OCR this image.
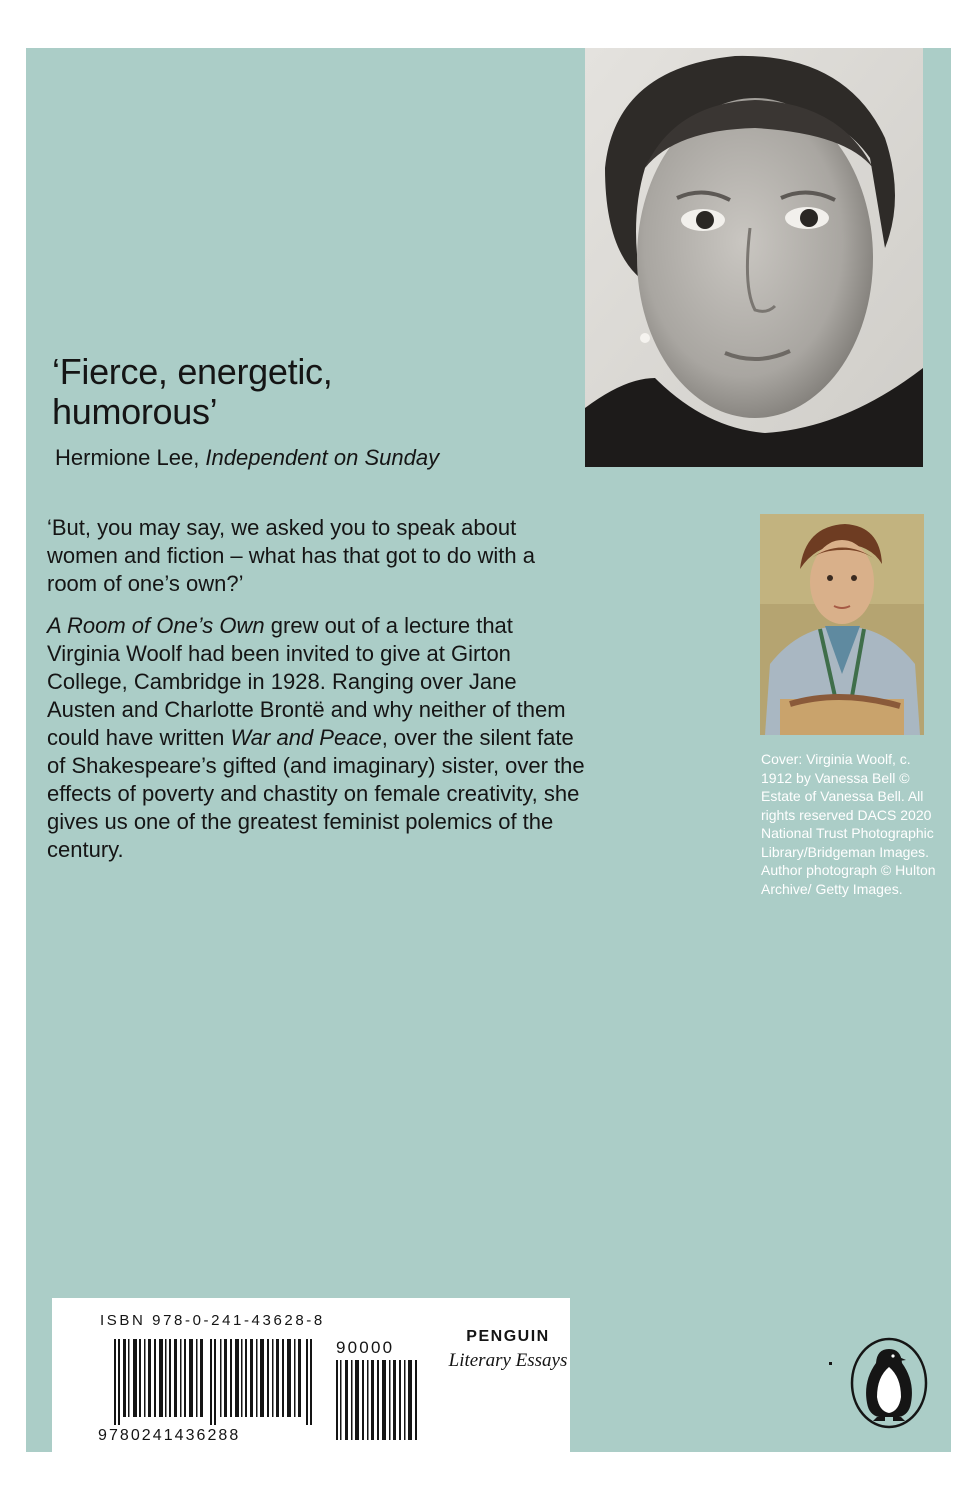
‘Fierce, energetic,
humorous’
Hermione Lee, Independent on Sunday

‘But, you may say, we asked you to speak about women and fiction – what has that got to do with a room of one’s own?’

A Room of One’s Own grew out of a lecture that Virginia Woolf had been invited to give at Girton College, Cambridge in 1928. Ranging over Jane Austen and Charlotte Brontë and why neither of them could have written War and Peace, over the silent fate of Shakespeare’s gifted (and imaginary) sister, over the effects of poverty and chastity on female creativity, she gives us one of the greatest feminist polemics of the century.

Cover: Virginia Woolf, c. 1912 by Vanessa Bell © Estate of Vanessa Bell. All rights reserved DACS 2020 National Trust Photographic Library/Bridgeman Images. Author photograph © Hulton Archive/ Getty Images.
ISBN 978-0-241-43628-8
90000
9780241436288
PENGUIN
Literary Essays
